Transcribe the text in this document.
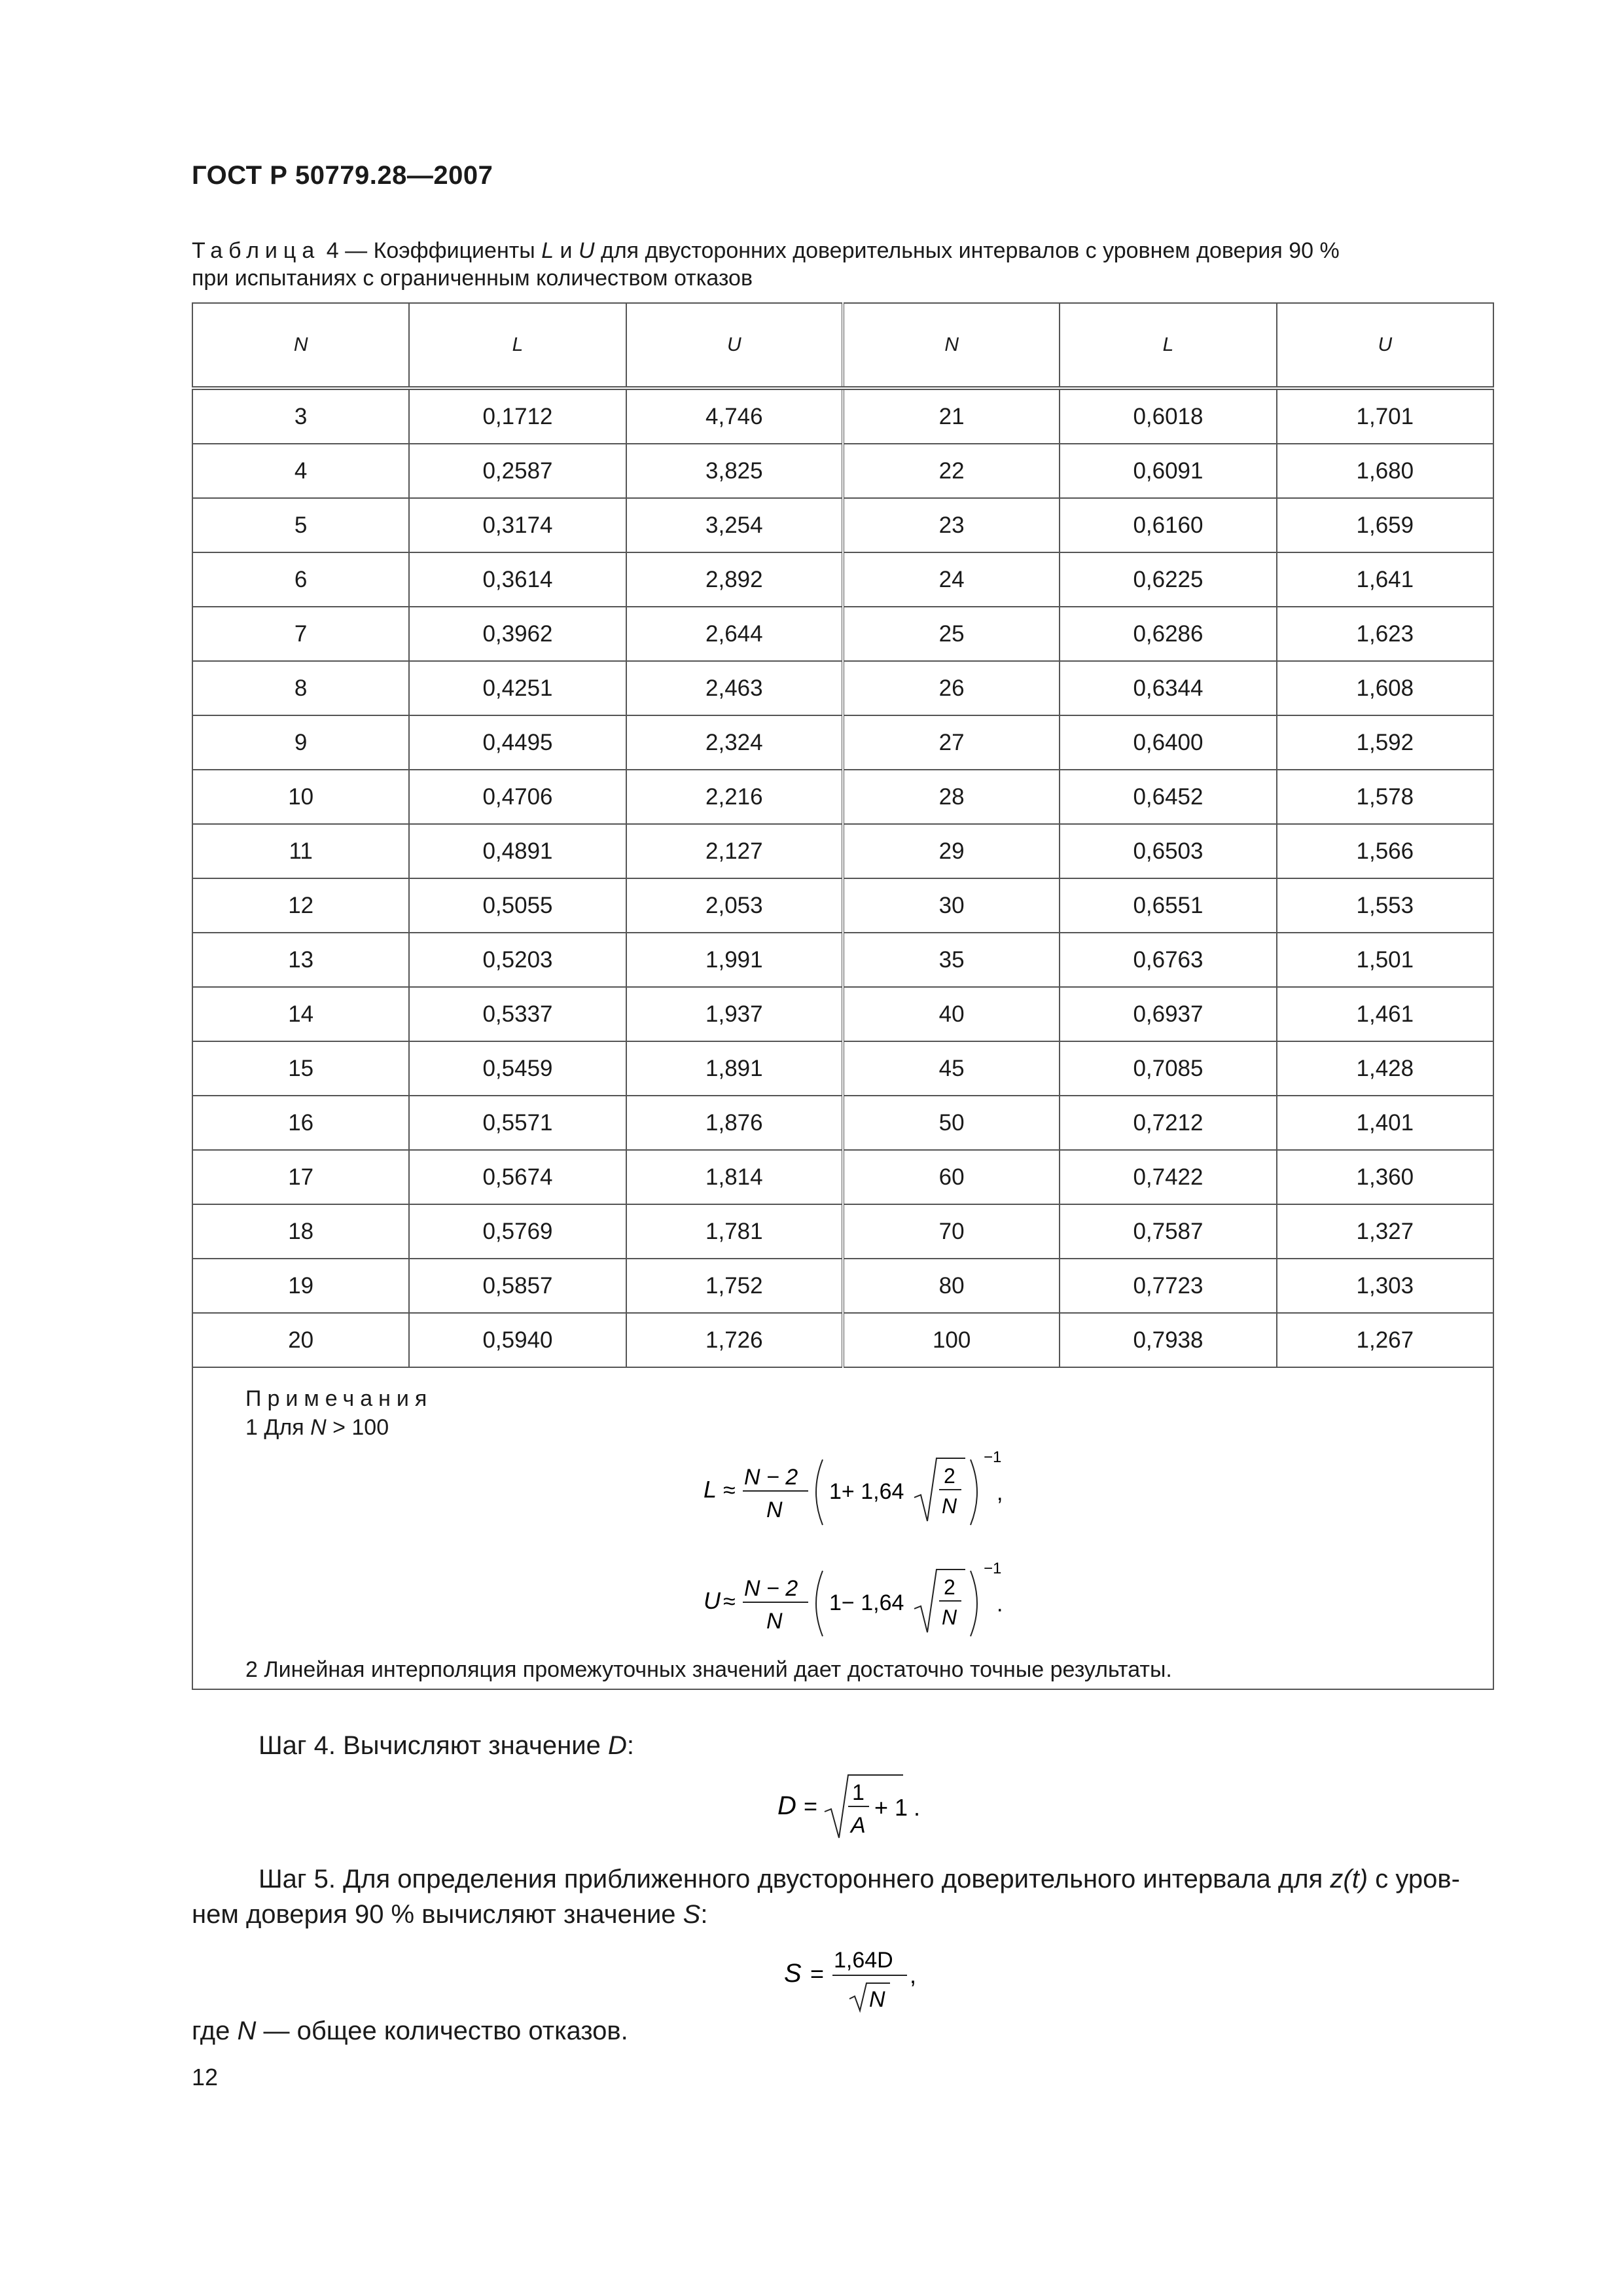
ГОСТ Р 50779.28—2007
Таблица 4 — Коэффициенты L и U для двусторонних доверительных интервалов с уровнем доверия 90 %
при испытаниях с ограниченным количеством отказов
N	L	U	N	L	U
3	0,1712	4,746	21	0,6018	1,701
4	0,2587	3,825	22	0,6091	1,680
5	0,3174	3,254	23	0,6160	1,659
6	0,3614	2,892	24	0,6225	1,641
7	0,3962	2,644	25	0,6286	1,623
8	0,4251	2,463	26	0,6344	1,608
9	0,4495	2,324	27	0,6400	1,592
10	0,4706	2,216	28	0,6452	1,578
11	0,4891	2,127	29	0,6503	1,566
12	0,5055	2,053	30	0,6551	1,553
13	0,5203	1,991	35	0,6763	1,501
14	0,5337	1,937	40	0,6937	1,461
15	0,5459	1,891	45	0,7085	1,428
16	0,5571	1,876	50	0,7212	1,401
17	0,5674	1,814	60	0,7422	1,360
18	0,5769	1,781	70	0,7587	1,327
19	0,5857	1,752	80	0,7723	1,303
20	0,5940	1,726	100	0,7938	1,267
Примечания
1 Для N > 100
L ≈
N − 2
N
1+ 1,64
2
N
−1
,
U ≈
N − 2
N
1− 1,64
2
N
−1
.
2 Линейная интерполяция промежуточных значений дает достаточно точные результаты.
Шаг 4. Вычисляют значение D:
D = 1
A
+ 1 .
Шаг 5. Для определения приближенного двустороннего доверительного интервала для z(t) с уров-
нем доверия 90 % вычисляют значение S:
S = 1,64D
N
,
где N — общее количество отказов.
12
